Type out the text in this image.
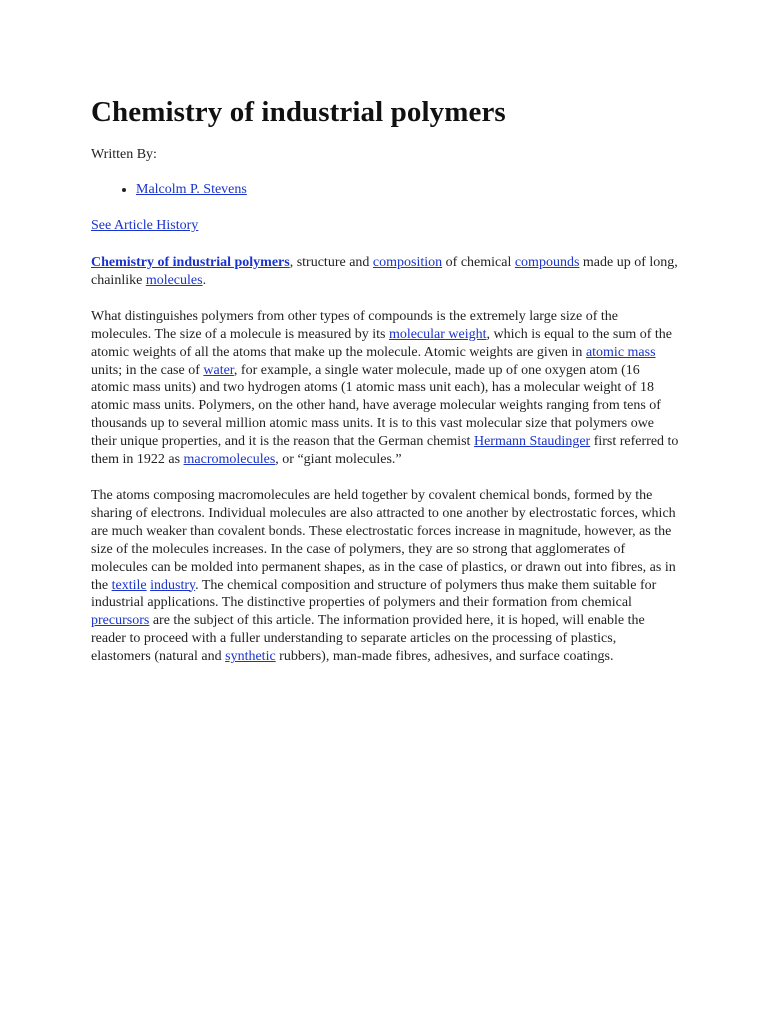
Chemistry of industrial polymers
Written By:
• Malcolm P. Stevens
See Article History

Chemistry of industrial polymers, structure and composition of chemical compounds made up of long, chainlike molecules.

What distinguishes polymers from other types of compounds is the extremely large size of the molecules. The size of a molecule is measured by its molecular weight, which is equal to the sum of the atomic weights of all the atoms that make up the molecule. Atomic weights are given in atomic mass units; in the case of water, for example, a single water molecule, made up of one oxygen atom (16 atomic mass units) and two hydrogen atoms (1 atomic mass unit each), has a molecular weight of 18 atomic mass units. Polymers, on the other hand, have average molecular weights ranging from tens of thousands up to several million atomic mass units. It is to this vast molecular size that polymers owe their unique properties, and it is the reason that the German chemist Hermann Staudinger first referred to them in 1922 as macromolecules, or “giant molecules.”

The atoms composing macromolecules are held together by covalent chemical bonds, formed by the sharing of electrons. Individual molecules are also attracted to one another by electrostatic forces, which are much weaker than covalent bonds. These electrostatic forces increase in magnitude, however, as the size of the molecules increases. In the case of polymers, they are so strong that agglomerates of molecules can be molded into permanent shapes, as in the case of plastics, or drawn out into fibres, as in the textile industry. The chemical composition and structure of polymers thus make them suitable for industrial applications. The distinctive properties of polymers and their formation from chemical precursors are the subject of this article. The information provided here, it is hoped, will enable the reader to proceed with a fuller understanding to separate articles on the processing of plastics, elastomers (natural and synthetic rubbers), man-made fibres, adhesives, and surface coatings.
